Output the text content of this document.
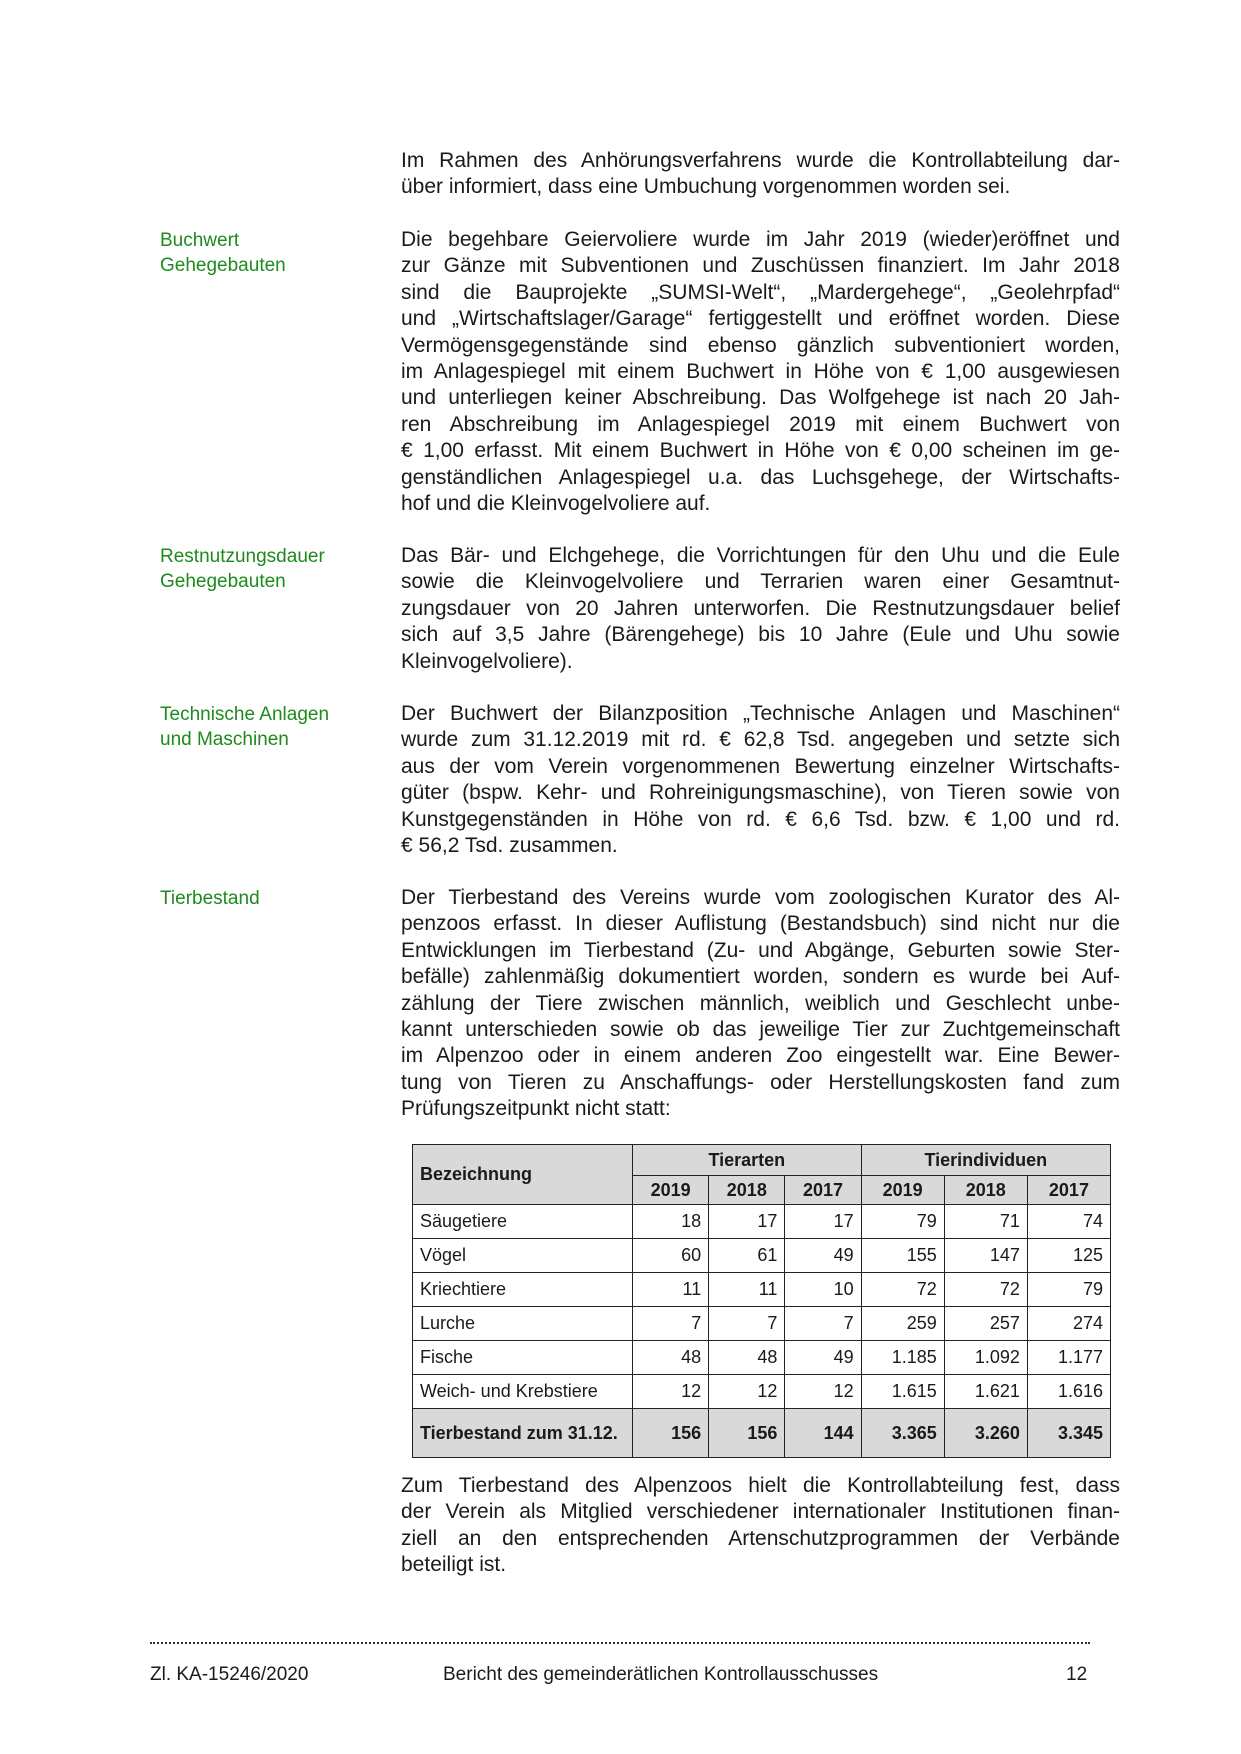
Im Rahmen des Anhörungsverfahrens wurde die Kontrollabteilung dar-
über informiert, dass eine Umbuchung vorgenommen worden sei.
Buchwert
Gehegebauten
Die begehbare Geiervoliere wurde im Jahr 2019 (wieder)eröffnet und
zur Gänze mit Subventionen und Zuschüssen finanziert. Im Jahr 2018
sind die Bauprojekte „SUMSI-Welt“, „Mardergehege“, „Geolehrpfad“
und „Wirtschaftslager/Garage“ fertiggestellt und eröffnet worden. Diese
Vermögensgegenstände sind ebenso gänzlich subventioniert worden,
im Anlagespiegel mit einem Buchwert in Höhe von € 1,00 ausgewiesen
und unterliegen keiner Abschreibung. Das Wolfgehege ist nach 20 Jah-
ren Abschreibung im Anlagespiegel 2019 mit einem Buchwert von
€ 1,00 erfasst. Mit einem Buchwert in Höhe von € 0,00 scheinen im ge-
genständlichen Anlagespiegel u.a. das Luchsgehege, der Wirtschafts-
hof und die Kleinvogelvoliere auf.
Restnutzungsdauer
Gehegebauten
Das Bär- und Elchgehege, die Vorrichtungen für den Uhu und die Eule
sowie die Kleinvogelvoliere und Terrarien waren einer Gesamtnut-
zungsdauer von 20 Jahren unterworfen. Die Restnutzungsdauer belief
sich auf 3,5 Jahre (Bärengehege) bis 10 Jahre (Eule und Uhu sowie
Kleinvogelvoliere).
Technische Anlagen
und Maschinen
Der Buchwert der Bilanzposition „Technische Anlagen und Maschinen“
wurde zum 31.12.2019 mit rd. € 62,8 Tsd. angegeben und setzte sich
aus der vom Verein vorgenommenen Bewertung einzelner Wirtschafts-
güter (bspw. Kehr- und Rohreinigungsmaschine), von Tieren sowie von
Kunstgegenständen in Höhe von rd. € 6,6 Tsd. bzw. € 1,00 und rd.
€ 56,2 Tsd. zusammen.
Tierbestand	Der Tierbestand des Vereins wurde vom zoologischen Kurator des Al-
penzoos erfasst. In dieser Auflistung (Bestandsbuch) sind nicht nur die
Entwicklungen im Tierbestand (Zu- und Abgänge, Geburten sowie Ster-
befälle) zahlenmäßig dokumentiert worden, sondern es wurde bei Auf-
zählung der Tiere zwischen männlich, weiblich und Geschlecht unbe-
kannt unterschieden sowie ob das jeweilige Tier zur Zuchtgemeinschaft
im Alpenzoo oder in einem anderen Zoo eingestellt war. Eine Bewer-
tung von Tieren zu Anschaffungs- oder Herstellungskosten fand zum
Prüfungszeitpunkt nicht statt:
Bezeichnung	Tierarten			Tierindividuen		
	2019	2018	2017	2019	2018	2017
Säugetiere	18	17	17	79	71	74
Vögel	60	61	49	155	147	125
Kriechtiere	11	11	10	72	72	79
Lurche	7	7	7	259	257	274
Fische	48	48	49	1.185	1.092	1.177
Weich- und Krebstiere	12	12	12	1.615	1.621	1.616
Tierbestand zum 31.12.	156	156	144	3.365	3.260	3.345
Zum Tierbestand des Alpenzoos hielt die Kontrollabteilung fest, dass
der Verein als Mitglied verschiedener internationaler Institutionen finan-
ziell an den entsprechenden Artenschutzprogrammen der Verbände
beteiligt ist.
Zl. KA-15246/2020	Bericht des gemeinderätlichen Kontrollausschusses	12
